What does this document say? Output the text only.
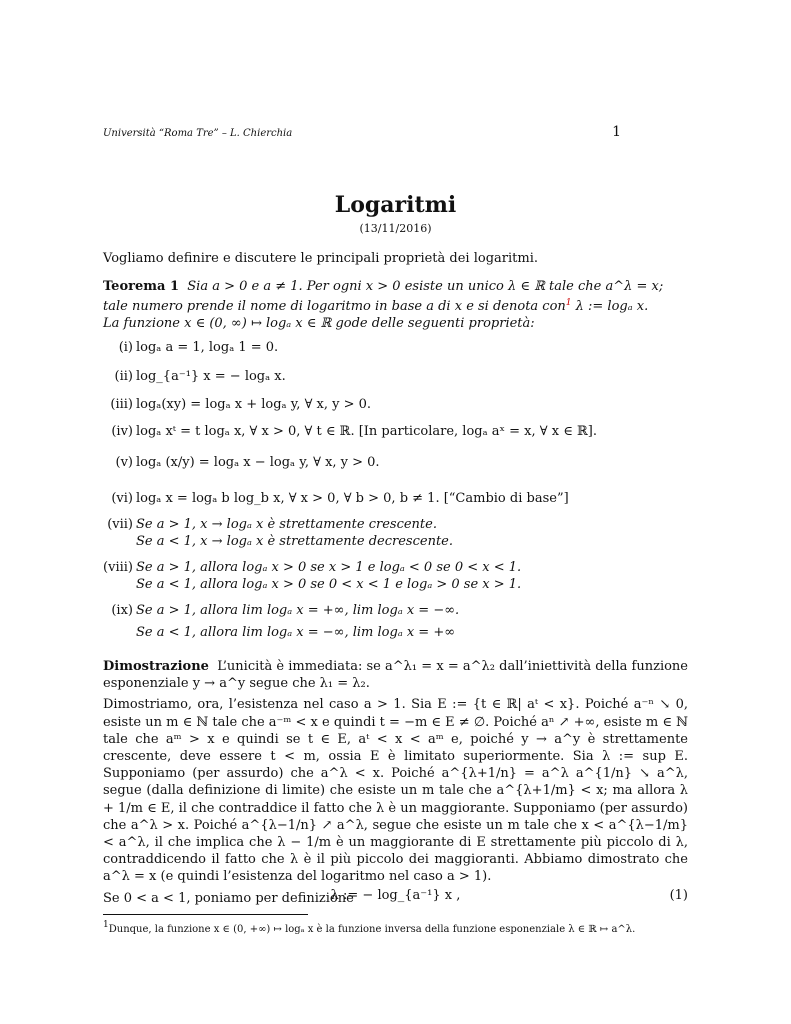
Università “Roma Tre” – L. Chierchia	1
Logaritmi
(13/11/2016)
Vogliamo definire e discutere le principali proprietà dei logaritmi.
Teorema 1 Sia a > 0 e a ≠ 1. Per ogni x > 0 esiste un unico λ ∈ ℝ tale che a^λ = x;
tale numero prende il nome di logaritmo in base a di x e si denota con$^1$ λ := logₐ x.
La funzione x ∈ (0, ∞) ↦ logₐ x ∈ ℝ gode delle seguenti proprietà:
(i) logₐ a = 1, logₐ 1 = 0.
(ii) log_{a⁻¹} x = − logₐ x.
(iii) logₐ(xy) = logₐ x + logₐ y, ∀ x, y > 0.
(iv) logₐ xᵗ = t logₐ x, ∀ x > 0, ∀ t ∈ ℝ. [In particolare, logₐ aˣ = x, ∀ x ∈ ℝ].
(v) logₐ (x/y) = logₐ x − logₐ y, ∀ x, y > 0.
(vi) logₐ x = logₐ b log_b x, ∀ x > 0, ∀ b > 0, b ≠ 1. [“Cambio di base”]
(vii) Se a > 1, x → logₐ x è strettamente crescente.
Se a < 1, x → logₐ x è strettamente decrescente.
(viii) Se a > 1, allora logₐ x > 0 se x > 1 e logₐ < 0 se 0 < x < 1.
Se a < 1, allora logₐ x > 0 se 0 < x < 1 e logₐ > 0 se x > 1.
(ix) Se a > 1, allora lim logₐ x = +∞, lim logₐ x = −∞.
Se a < 1, allora lim logₐ x = −∞, lim logₐ x = +∞

Dimostrazione L’unicità è immediata: se a^λ₁ = x = a^λ₂ dall’iniettività della funzione esponenziale y → a^y segue che λ₁ = λ₂.

Dimostriamo, ora, l’esistenza nel caso a > 1. Sia E := {t ∈ ℝ| aᵗ < x}. Poiché a⁻ⁿ ↘ 0, esiste un m ∈ ℕ tale che a⁻ᵐ < x e quindi t = −m ∈ E ≠ ∅. Poiché aⁿ ↗ +∞, esiste m ∈ ℕ tale che aᵐ > x e quindi se t ∈ E, aᵗ < x < aᵐ e, poiché y → a^y è strettamente crescente, deve essere t < m, ossia E è limitato superiormente. Sia λ := sup E. Supponiamo (per assurdo) che a^λ < x. Poiché a^{λ+1/n} = a^λ a^{1/n} ↘ a^λ, segue (dalla definizione di limite) che esiste un m tale che a^{λ+1/m} < x; ma allora λ + 1/m ∈ E, il che contraddice il fatto che λ è un maggiorante. Supponiamo (per assurdo) che a^λ > x. Poiché a^{λ−1/n} ↗ a^λ, segue che esiste un m tale che x < a^{λ−1/m} < a^λ, il che implica che λ − 1/m è un maggiorante di E strettamente più piccolo di λ, contraddicendo il fatto che λ è il più piccolo dei maggioranti. Abbiamo dimostrato che a^λ = x (e quindi l’esistenza del logaritmo nel caso a > 1).

Se 0 < a < 1, poniamo per definizione

λ := − log_{a⁻¹} x ,	(1)
1Dunque, la funzione x ∈ (0, +∞) ↦ logₐ x è la funzione inversa della funzione esponenziale λ ∈ ℝ ↦ a^λ.
